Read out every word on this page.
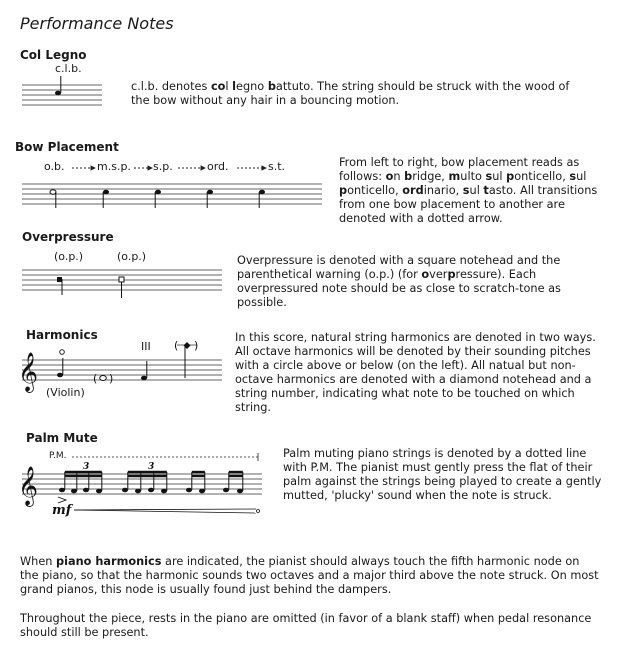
Performance Notes
Col Legno
c.l.b.
c.l.b. denotes col legno battuto. The string should be struck with the wood of the bow without any hair in a bouncing motion.
Bow Placement
o.b.	m.s.p. s.p.	ord.	s.t.	From left to right, bow placement reads as follows: on bridge, multo sul ponticello, sul ponticello, ordinario, sul tasto. All transitions from one bow placement to another are denoted with a dotted arrow.
Overpressure
(o.p.)	(o.p.)	Overpressure is denoted with a square notehead and the parenthetical warning (o.p.) (for overpressure). Each overpressured note should be as close to scratch-tone as possible.
Harmonics
III
𝄞	( )
( )
(Violin)
In this score, natural string harmonics are denoted in two ways. All octave harmonics will be denoted by their sounding pitches with a circle above or below (on the left). All natual but non-octave harmonics are denoted with a diamond notehead and a string number, indicating what note to be touched on which string.
Palm Mute
P.M.
3	3
𝄞
mf
Palm muting piano strings is denoted by a dotted line with P.M. The pianist must gently press the flat of their palm against the strings being played to create a gently mutted, 'plucky' sound when the note is struck.
When piano harmonics are indicated, the pianist should always touch the fifth harmonic node on the piano, so that the harmonic sounds two octaves and a major third above the note struck. On most grand pianos, this node is usually found just behind the dampers.
Throughout the piece, rests in the piano are omitted (in favor of a blank staff) when pedal resonance should still be present.
